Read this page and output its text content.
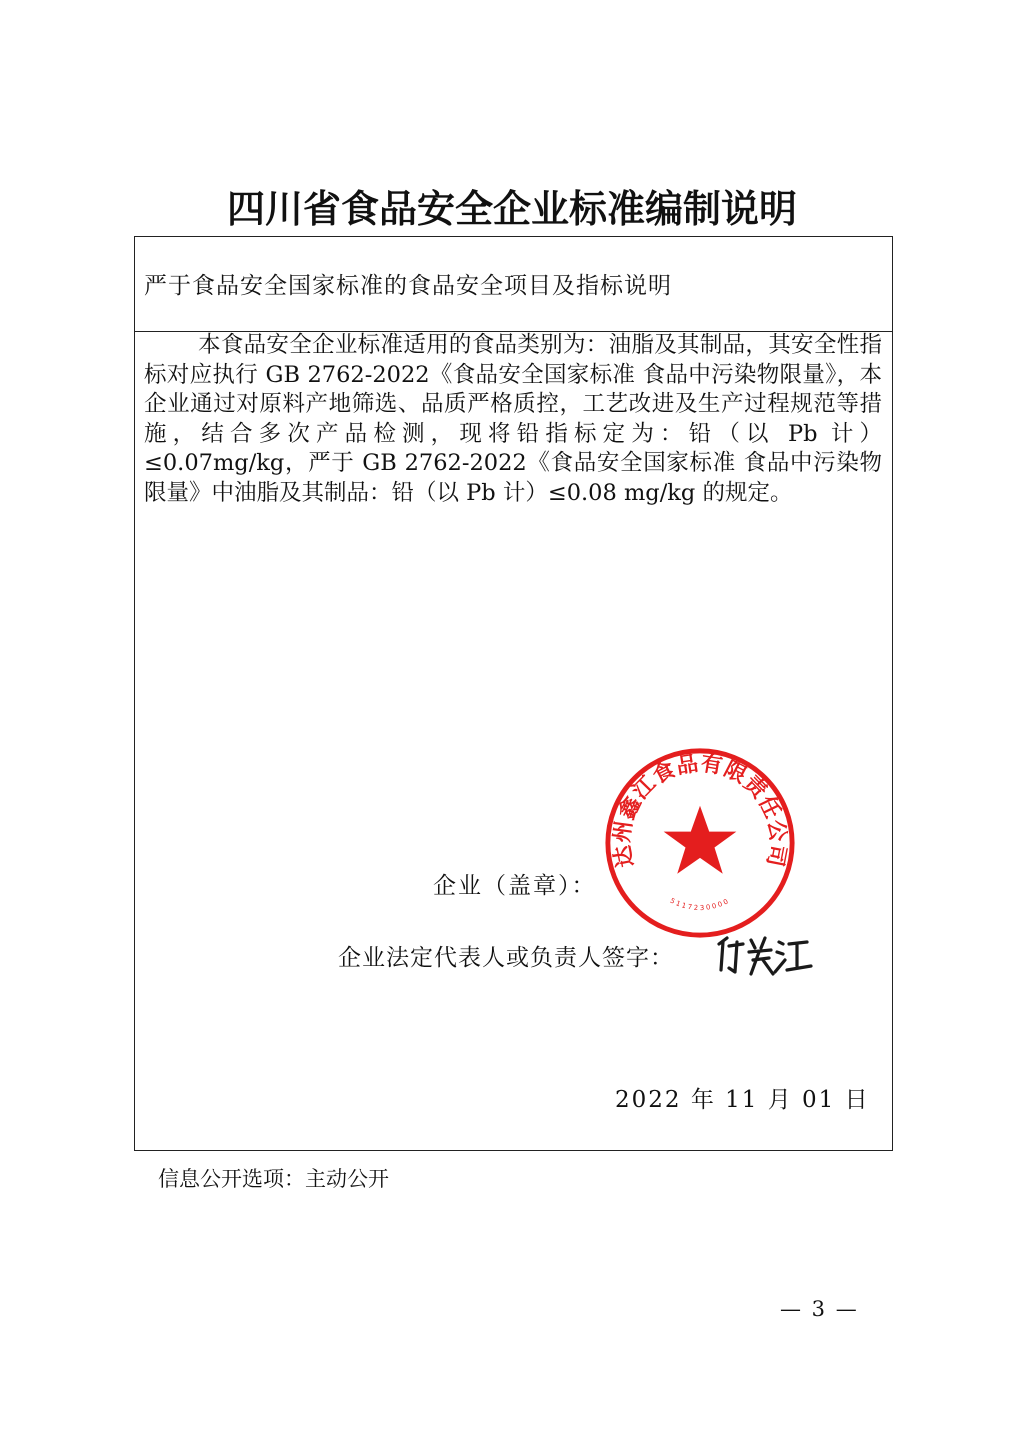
四川省食品安全企业标准编制说明
严于食品安全国家标准的食品安全项目及指标说明

本食品安全企业标准适用的食品类别为：油脂及其制品，其安全性指标对应执行 GB 2762-2022《食品安全国家标准 食品中污染物限量》，本企业通过对原料产地筛选、品质严格质控，工艺改进及生产过程规范等措施，结合多次产品检测，现将铅指标定为：铅（以 Pb 计）≤0.07mg/kg，严于 GB 2762-2022《食品安全国家标准 食品中污染物限量》中油脂及其制品：铅（以 Pb 计）≤0.08 mg/kg 的规定。

企业（盖章）：
达州鑫江食品有限责任公司
5117230000
企业法定代表人或负责人签字：
2022 年 11 月 01 日
信息公开选项：主动公开
— 3 —
